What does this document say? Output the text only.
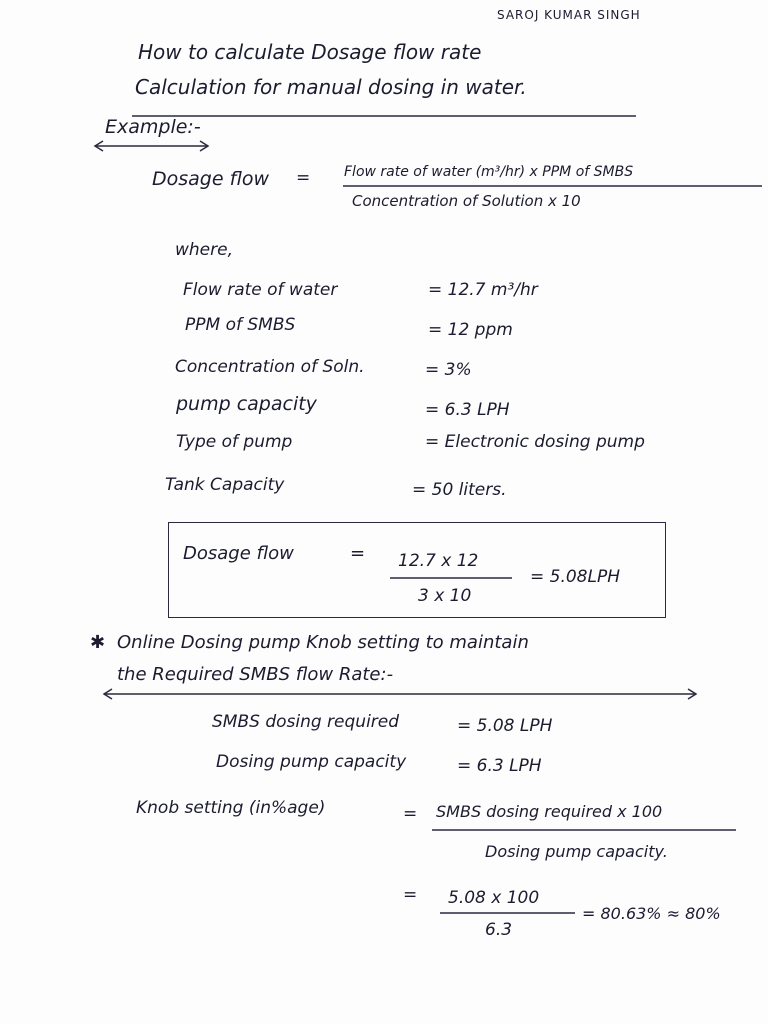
SAROJ KUMAR SINGH
How to calculate Dosage flow rate
Calculation for manual dosing in water.
Example:-
Dosage flow = Flow rate of water (m³/hr) x PPM of SMBS
Concentration of Solution x 10
where,
Flow rate of water	= 12.7 m³/hr
PPM of SMBS	= 12 ppm
Concentration of Soln.	= 3%
pump capacity	= 6.3 LPH
Type of pump	= Electronic dosing pump
Tank Capacity	= 50 liters.
Dosage flow	= 12.7 x 12
3 x 10
= 5.08LPH
✱ Online Dosing pump Knob setting to maintain
the Required SMBS flow Rate:-
SMBS dosing required	= 5.08 LPH
Dosing pump capacity	= 6.3 LPH
Knob setting (in%age)	= SMBS dosing required x 100
Dosing pump capacity.
= 5.08 x 100
6.3
= 80.63% ≈ 80%
